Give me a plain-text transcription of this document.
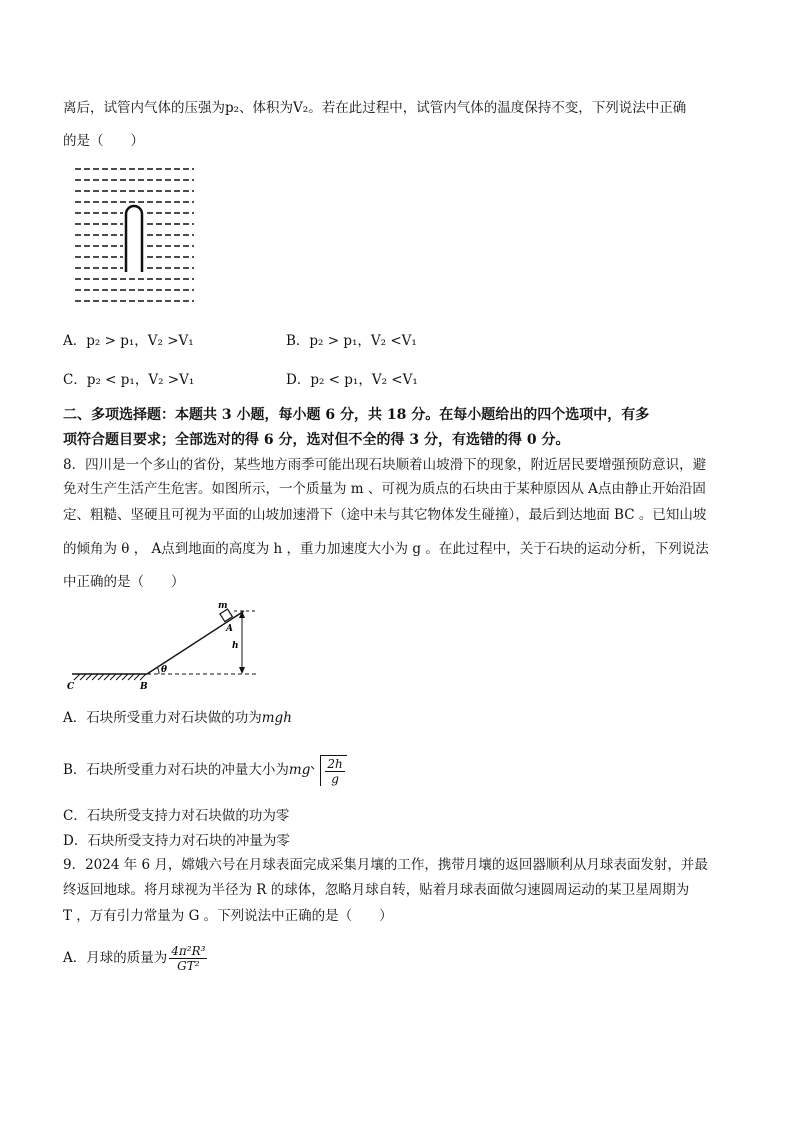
离后，试管内气体的压强为p₂、体积为V₂。若在此过程中，试管内气体的温度保持不变，下列说法中正确
的是（　　）
A．p₂ > p₁，V₂ >V₁	B．p₂ > p₁，V₂ <V₁
C．p₂ < p₁，V₂ >V₁	D．p₂ < p₁，V₂ <V₁
二、多项选择题：本题共 3 小题，每小题 6 分，共 18 分。在每小题给出的四个选项中，有多
项符合题目要求；全部选对的得 6 分，选对但不全的得 3 分，有选错的得 0 分。
8．四川是一个多山的省份，某些地方雨季可能出现石块顺着山坡滑下的现象，附近居民要增强预防意识，避
免对生产生活产生危害。如图所示，一个质量为 m 、可视为质点的石块由于某种原因从 A点由静止开始沿固
定、粗糙、坚硬且可视为平面的山坡加速滑下（途中未与其它物体发生碰撞），最后到达地面 BC 。已知山坡
的倾角为 θ ， A点到地面的高度为 h ，重力加速度大小为 g 。在此过程中，关于石块的运动分析，下列说法
中正确的是（　　）
m
A
h
θ
B
C
A．石块所受重力对石块做的功为mgh
B．石块所受重力对石块的冲量大小为mg $\frac{2h}{g}$
C．石块所受支持力对石块做的功为零
D．石块所受支持力对石块的冲量为零
9．2024 年 6 月，嫦娥六号在月球表面完成采集月壤的工作，携带月壤的返回器顺利从月球表面发射，并最
终返回地球。将月球视为半径为 R 的球体，忽略月球自转，贴着月球表面做匀速圆周运动的某卫星周期为
T ，万有引力常量为 G 。下列说法中正确的是（　　）
A．月球的质量为 $\frac{\text{4π²R³}}{\text{GT²}}$
